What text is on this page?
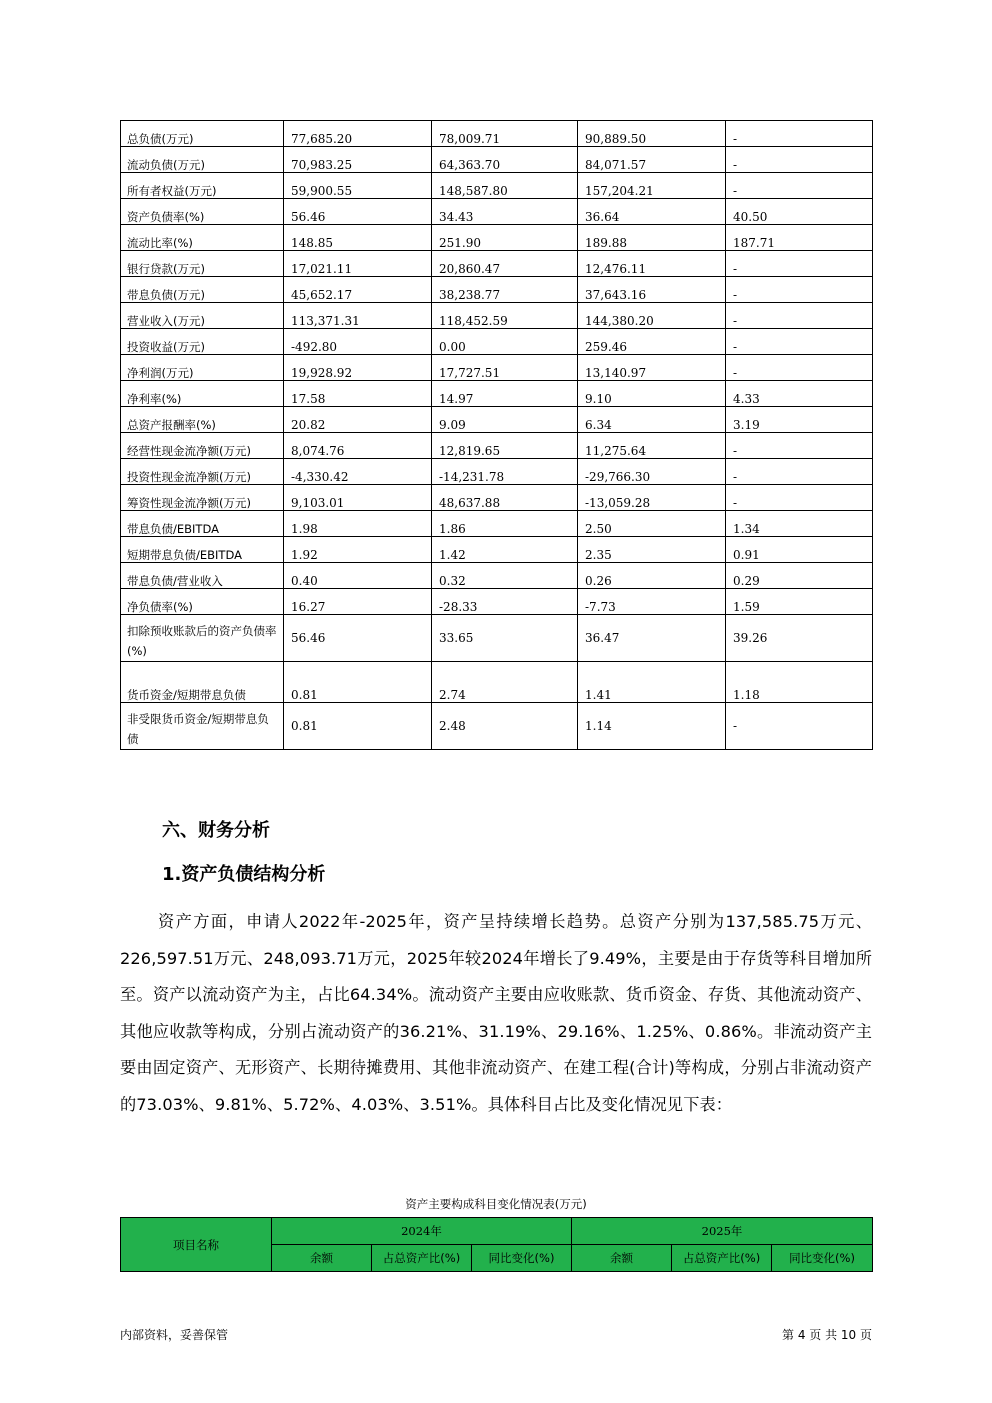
总负债(万元)	77,685.20	78,009.71	90,889.50	-
流动负债(万元)	70,983.25	64,363.70	84,071.57	-
所有者权益(万元)	59,900.55	148,587.80	157,204.21	-
资产负债率(%)	56.46	34.43	36.64	40.50
流动比率(%)	148.85	251.90	189.88	187.71
银行贷款(万元)	17,021.11	20,860.47	12,476.11	-
带息负债(万元)	45,652.17	38,238.77	37,643.16	-
营业收入(万元)	113,371.31	118,452.59	144,380.20	-
投资收益(万元)	-492.80	0.00	259.46	-
净利润(万元)	19,928.92	17,727.51	13,140.97	-
净利率(%)	17.58	14.97	9.10	4.33
总资产报酬率(%)	20.82	9.09	6.34	3.19
经营性现金流净额(万元)	8,074.76	12,819.65	11,275.64	-
投资性现金流净额(万元)	-4,330.42	-14,231.78	-29,766.30	-
筹资性现金流净额(万元)	9,103.01	48,637.88	-13,059.28	-
带息负债/EBITDA	1.98	1.86	2.50	1.34
短期带息负债/EBITDA	1.92	1.42	2.35	0.91
带息负债/营业收入	0.40	0.32	0.26	0.29
净负债率(%)	16.27	-28.33	-7.73	1.59
扣除预收账款后的资产负债率(%)	56.46	33.65	36.47	39.26
货币资金/短期带息负债	0.81	2.74	1.41	1.18
非受限货币资金/短期带息负债	0.81	2.48	1.14	-
六、财务分析
1.资产负债结构分析

资产方面，申请人2022年-2025年，资产呈持续增长趋势。总资产分别为137,585.75万元、226,597.51万元、248,093.71万元，2025年较2024年增长了9.49%，主要是由于存货等科目增加所至。资产以流动资产为主，占比64.34%。流动资产主要由应收账款、货币资金、存货、其他流动资产、其他应收款等构成，分别占流动资产的36.21%、31.19%、29.16%、1.25%、0.86%。非流动资产主要由固定资产、无形资产、长期待摊费用、其他非流动资产、在建工程(合计)等构成，分别占非流动资产的73.03%、9.81%、5.72%、4.03%、3.51%。具体科目占比及变化情况见下表：

资产主要构成科目变化情况表(万元)
项目名称	2024年			2025年		
	余额	占总资产比(%)	同比变化(%)	余额	占总资产比(%)	同比变化(%)
内部资料，妥善保管	第 4 页 共 10 页
